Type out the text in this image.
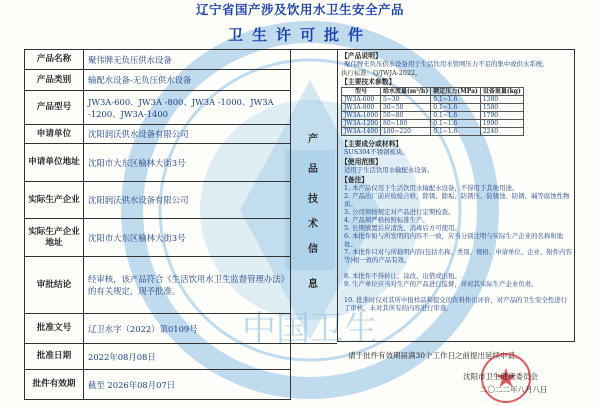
中国卫生
辽宁省国产涉及饮用水卫生安全产品
卫生许可批件
产品名称	聚伟牌无负压供水设备
产品类别	输配水设备-无负压供水设备
产品型号
JW3A-600、JW3A -800、JW3A -1000、JW3A -1200、JW3A-1400
申请单位	沈阳润沃供水设备有限公司
申请单位地址 沈阳市大东区榆林大街3号
实际生产企业 沈阳润沃供水设备有限公司
实际生产企业地址	沈阳市大东区榆林大街3号
审批结论
经审核，该产品符合《生活饮用水卫生监督管理办法》的有关规定，现予批准。
批准文号	辽卫水字（2022）第0109号
批准日期	2022年08月08日
批件有效期	截至 2026年08月07日
产
品
技
术
信
息
【产品说明】
聚伟牌无负压供水设备用于生活饮用水管网压力不足的集中或供水系统。
执行标准：Q/JWJA-2022。
【主要技术参数】
型号	给水流量(m³/h)	额定压力(MPa)	设备重量(kg)
JW3A-600	5~30	0.1~1.6	1380
JW3A-800	30~50	0.1~1.6	1580
JW3A-1000	50~80	0.1~1.6	1790
JW3A-1200	80~180	0.1~1.6	1990
JW3A-1400	180~220	0.1~1.6	2240
【主要成分或材料】
SUS304不锈钢板块。
【使用范围】
适用于生活饮用水输配水设备。
【备注】
1. 本产品仅用于生活饮用水输配水设备，不得用于其他用途。
2. 产品出厂前应检验合格，除锈、除垢、防锈压、防锈蚀、防锈、碱等腐蚀性物质。
3. 公司须按规定对产品进行定期检查。
4. 产品须严格按照标准生产。
5. 长期放置后应清洗、消毒后方可使用。
6. 本批件如与所发明的内容不一致，应当分别注明与实际生产企业的名称和地址。
7. 本批件只对与所载明内容(包括名称、类别、规格、申请单位、企业、附件内容等)相一致的产品有效。
8. 本批件不得转让、涂改、出借或出租。
9. 生产单位应当对生产的产品进行监督，并对其实际生产企业负责。
10. 批准时仅对其所申报样品和提交的资料作出评价，对产品的卫生安全性进行了审核，未对其所有的内容进行审查。
请于批件有效期届满30个工作日之前提出延续申请。
沈阳市卫生健康委员会
二〇二二年八月八日
